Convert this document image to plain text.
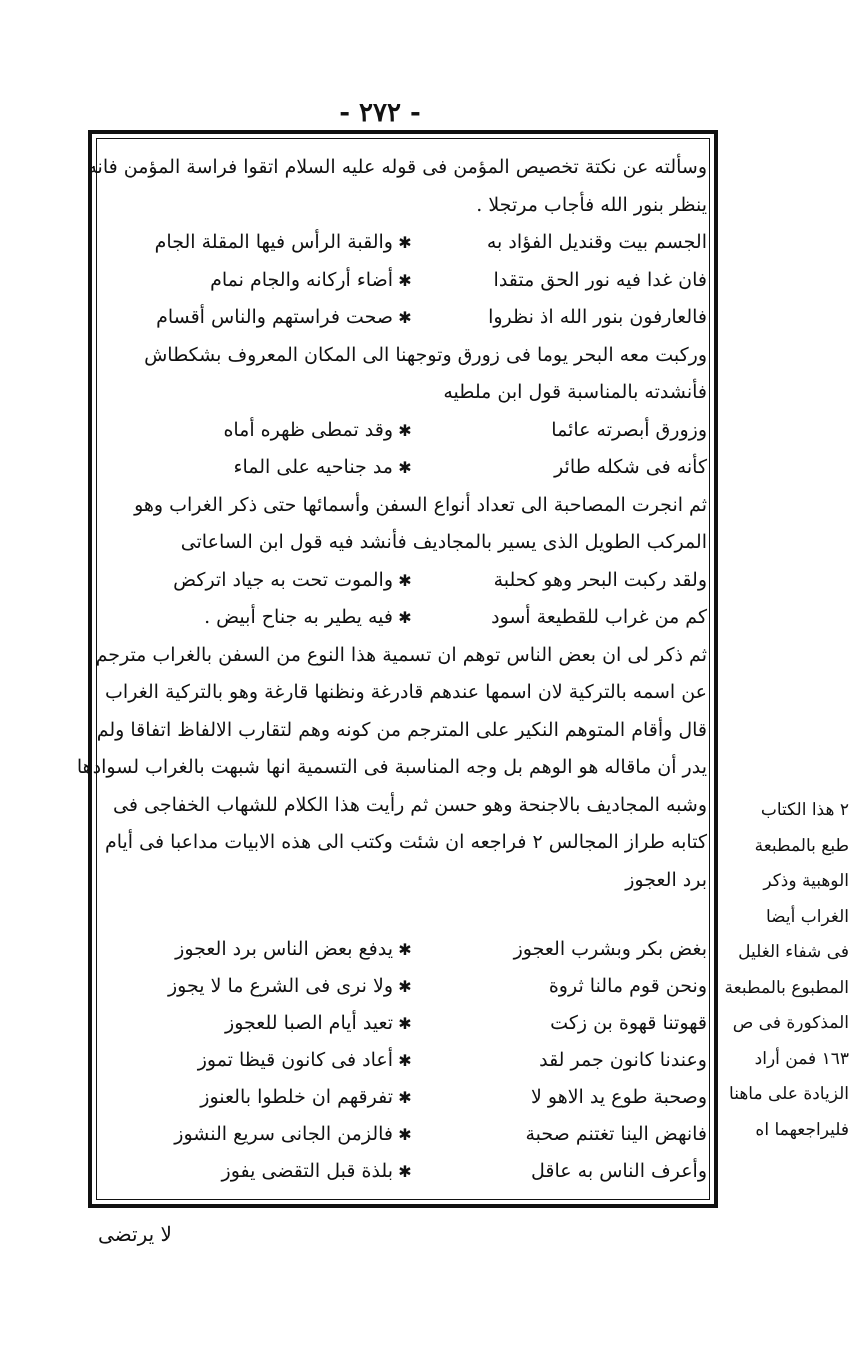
- ٢٧٢ -
وسألته عن نكتة تخصيص المؤمن فى قوله عليه السلام اتقوا فراسة المؤمن فانه
ينظر بنور الله فأجاب مرتجلا .
الجسم بيت وقنديل الفؤاد به
✱
والقبة الرأس فيها المقلة الجام
فان غدا فيه نور الحق متقدا
✱
أضاء أركانه والجام نمام
فالعارفون بنور الله اذ نظروا
✱
صحت فراستهم والناس أقسام
وركبت معه البحر يوما فى زورق وتوجهنا الى المكان المعروف بشكطاش
فأنشدته بالمناسبة قول ابن ملطيه
وزورق أبصرته عائما
✱
وقد تمطى ظهره أماه
كأنه فى شكله طائر
✱
مد جناحيه على الماء
ثم انجرت المصاحبة الى تعداد أنواع السفن وأسمائها حتى ذكر الغراب وهو
المركب الطويل الذى يسير بالمجاديف فأنشد فيه قول ابن الساعاتى
ولقد ركبت البحر وهو كحلبة
✱
والموت تحت به جياد اتركض
كم من غراب للقطيعة أسود
✱
فيه يطير به جناح أبيض .
ثم ذكر لى ان بعض الناس توهم ان تسمية هذا النوع من السفن بالغراب مترجم
عن اسمه بالتركية لان اسمها عندهم قادرغة ونظنها قارغة وهو بالتركية الغراب
قال وأقام المتوهم النكير على المترجم من كونه وهم لتقارب الالفاظ اتفاقا ولم
يدر أن ماقاله هو الوهم بل وجه المناسبة فى التسمية انها شبهت بالغراب لسوادها
وشبه المجاديف بالاجنحة وهو حسن ثم رأيت هذا الكلام للشهاب الخفاجى فى
كتابه طراز المجالس ٢ فراجعه ان شئت وكتب الى هذه الابيات مداعبا فى أيام
برد العجوز
بغض بكر وبشرب العجوز
✱
يدفع بعض الناس برد العجوز
ونحن قوم مالنا ثروة
✱
ولا نرى فى الشرع ما لا يجوز
قهوتنا قهوة بن زكت
✱
تعيد أيام الصبا للعجوز
وعندنا كانون جمر لقد
✱
أعاد فى كانون قيظا تموز
وصحبة طوع يد الاهو لا
✱
تفرقهم ان خلطوا بالعنوز
فانهض الينا تغتنم صحبة
✱
فالزمن الجانى سريع النشوز
وأعرف الناس به عاقل
✱
بلذة قبل التقضى يفوز
٢ هذا الكتاب
طبع بالمطبعة
الوهبية وذكر
الغراب أيضا
فى شفاء الغليل
المطبوع بالمطبعة
المذكورة فى ص
١٦٣ فمن أراد
الزيادة على ماهنا
فليراجعهما اه
لا يرتضى
